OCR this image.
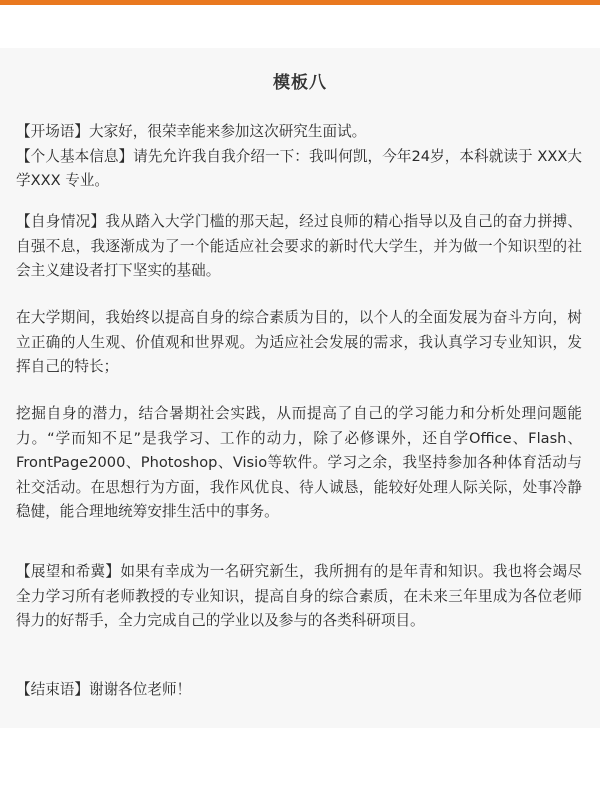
模板八

【开场语】大家好，很荣幸能来参加这次研究生面试。
【个人基本信息】请先允许我自我介绍一下：我叫何凯，今年24岁，本科就读于 XXX大学XXX 专业。

【自身情况】我从踏入大学门槛的那天起，经过良师的精心指导以及自己的奋力拼搏、自强不息，我逐渐成为了一个能适应社会要求的新时代大学生，并为做一个知识型的社会主义建设者打下坚实的基础。

在大学期间，我始终以提高自身的综合素质为目的，以个人的全面发展为奋斗方向，树立正确的人生观、价值观和世界观。为适应社会发展的需求，我认真学习专业知识，发挥自己的特长；

挖掘自身的潜力，结合暑期社会实践，从而提高了自己的学习能力和分析处理问题能力。“学而知不足”是我学习、工作的动力，除了必修课外，还自学Office、Flash、FrontPage2000、Photoshop、Visio等软件。学习之余，我坚持参加各种体育活动与社交活动。在思想行为方面，我作风优良、待人诚恳，能较好处理人际关际，处事冷静稳健，能合理地统筹安排生活中的事务。

【展望和希冀】如果有幸成为一名研究新生，我所拥有的是年青和知识。我也将会竭尽全力学习所有老师教授的专业知识，提高自身的综合素质，在未来三年里成为各位老师得力的好帮手，全力完成自己的学业以及参与的各类科研项目。

【结束语】谢谢各位老师！
